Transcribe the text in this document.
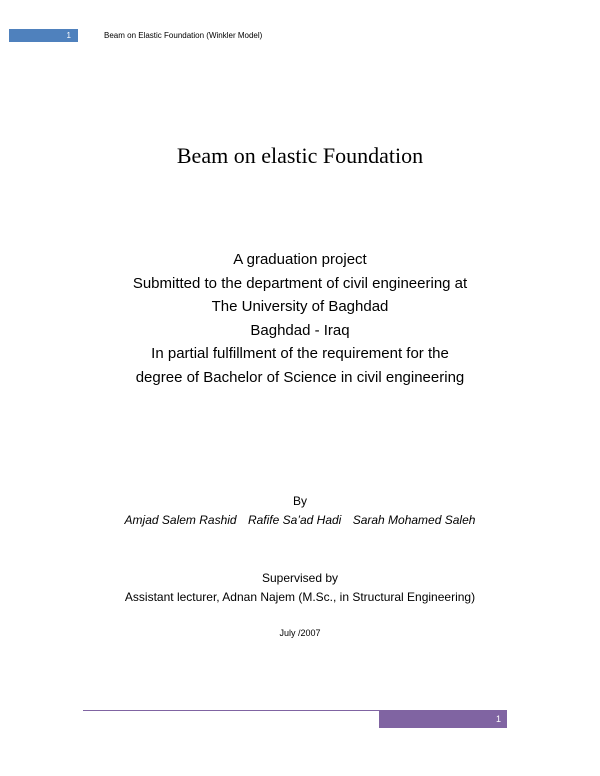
1	Beam on Elastic Foundation (Winkler Model)
Beam on elastic Foundation
A graduation project
Submitted to the department of civil engineering at
The University of Baghdad
Baghdad - Iraq
In partial fulfillment of the requirement for the
degree of Bachelor of Science in civil engineering
By
Amjad Salem Rashid Rafife Sa’ad Hadi Sarah Mohamed Saleh
Supervised by
Assistant lecturer, Adnan Najem (M.Sc., in Structural Engineering)
July /2007
1
